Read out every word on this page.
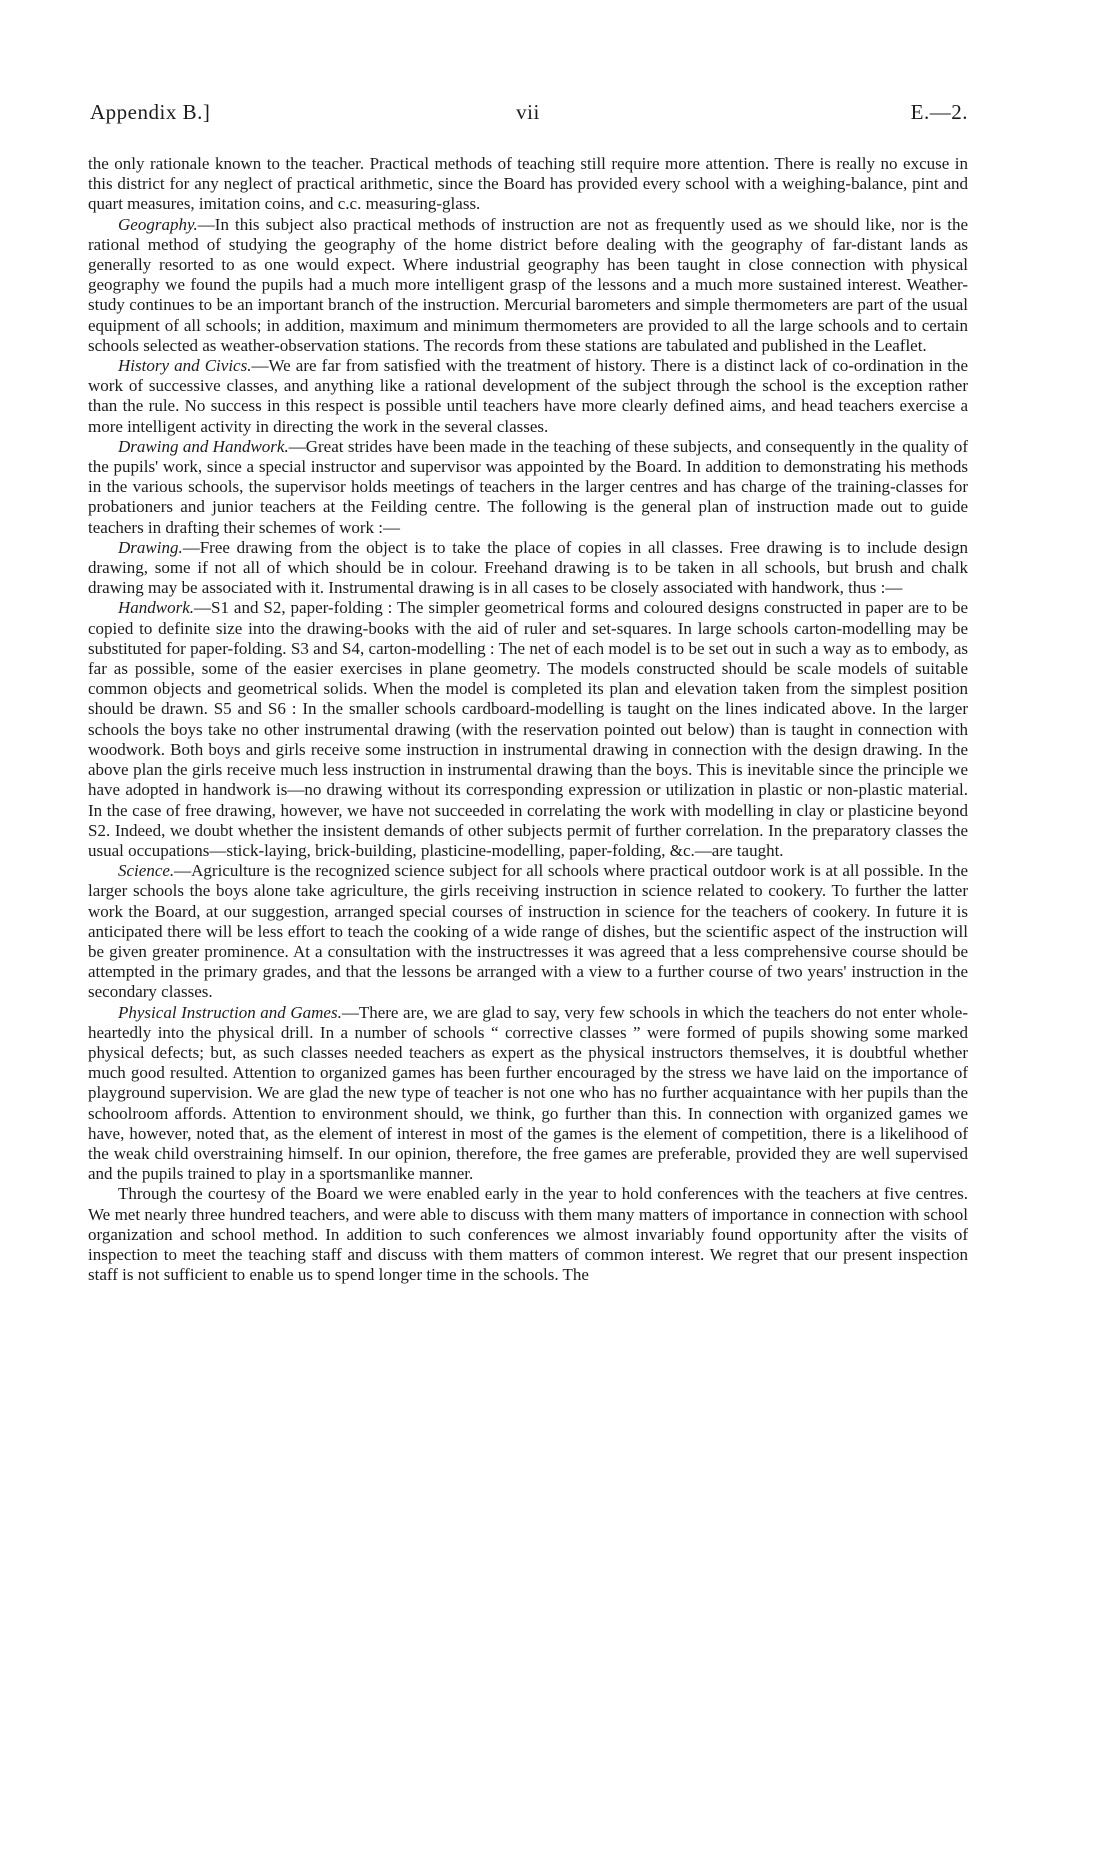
Appendix B.]	vii	E.—2.

the only rationale known to the teacher. Practical methods of teaching still require more attention. There is really no excuse in this district for any neglect of practical arithmetic, since the Board has provided every school with a weighing-balance, pint and quart measures, imitation coins, and c.c. measuring-glass.

Geography.—In this subject also practical methods of instruction are not as frequently used as we should like, nor is the rational method of studying the geography of the home district before dealing with the geography of far-distant lands as generally resorted to as one would expect. Where industrial geography has been taught in close connection with physical geography we found the pupils had a much more intelligent grasp of the lessons and a much more sustained interest. Weather-study continues to be an important branch of the instruction. Mercurial barometers and simple thermometers are part of the usual equipment of all schools; in addition, maximum and minimum thermometers are provided to all the large schools and to certain schools selected as weather-observation stations. The records from these stations are tabulated and published in the Leaflet.

History and Civics.—We are far from satisfied with the treatment of history. There is a distinct lack of co-ordination in the work of successive classes, and anything like a rational development of the subject through the school is the exception rather than the rule. No success in this respect is possible until teachers have more clearly defined aims, and head teachers exercise a more intelligent activity in directing the work in the several classes.

Drawing and Handwork.—Great strides have been made in the teaching of these subjects, and consequently in the quality of the pupils' work, since a special instructor and supervisor was appointed by the Board. In addition to demonstrating his methods in the various schools, the supervisor holds meetings of teachers in the larger centres and has charge of the training-classes for probationers and junior teachers at the Feilding centre. The following is the general plan of instruction made out to guide teachers in drafting their schemes of work :—

Drawing.—Free drawing from the object is to take the place of copies in all classes. Free drawing is to include design drawing, some if not all of which should be in colour. Freehand drawing is to be taken in all schools, but brush and chalk drawing may be associated with it. Instrumental drawing is in all cases to be closely associated with handwork, thus :—

Handwork.—S1 and S2, paper-folding : The simpler geometrical forms and coloured designs constructed in paper are to be copied to definite size into the drawing-books with the aid of ruler and set-squares. In large schools carton-modelling may be substituted for paper-folding. S3 and S4, carton-modelling : The net of each model is to be set out in such a way as to embody, as far as possible, some of the easier exercises in plane geometry. The models constructed should be scale models of suitable common objects and geometrical solids. When the model is completed its plan and elevation taken from the simplest position should be drawn. S5 and S6 : In the smaller schools cardboard-modelling is taught on the lines indicated above. In the larger schools the boys take no other instrumental drawing (with the reservation pointed out below) than is taught in connection with woodwork. Both boys and girls receive some instruction in instrumental drawing in connection with the design drawing. In the above plan the girls receive much less instruction in instrumental drawing than the boys. This is inevitable since the principle we have adopted in handwork is—no drawing without its corresponding expression or utilization in plastic or non-plastic material. In the case of free drawing, however, we have not succeeded in correlating the work with modelling in clay or plasticine beyond S2. Indeed, we doubt whether the insistent demands of other subjects permit of further correlation. In the preparatory classes the usual occupations—stick-laying, brick-building, plasticine-modelling, paper-folding, &c.—are taught.

Science.—Agriculture is the recognized science subject for all schools where practical outdoor work is at all possible. In the larger schools the boys alone take agriculture, the girls receiving instruction in science related to cookery. To further the latter work the Board, at our suggestion, arranged special courses of instruction in science for the teachers of cookery. In future it is anticipated there will be less effort to teach the cooking of a wide range of dishes, but the scientific aspect of the instruction will be given greater prominence. At a consultation with the instructresses it was agreed that a less comprehensive course should be attempted in the primary grades, and that the lessons be arranged with a view to a further course of two years' instruction in the secondary classes.

Physical Instruction and Games.—There are, we are glad to say, very few schools in which the teachers do not enter whole-heartedly into the physical drill. In a number of schools “ corrective classes ” were formed of pupils showing some marked physical defects; but, as such classes needed teachers as expert as the physical instructors themselves, it is doubtful whether much good resulted. Attention to organized games has been further encouraged by the stress we have laid on the importance of playground supervision. We are glad the new type of teacher is not one who has no further acquaintance with her pupils than the schoolroom affords. Attention to environment should, we think, go further than this. In connection with organized games we have, however, noted that, as the element of interest in most of the games is the element of competition, there is a likelihood of the weak child overstraining himself. In our opinion, therefore, the free games are preferable, provided they are well supervised and the pupils trained to play in a sportsmanlike manner.

Through the courtesy of the Board we were enabled early in the year to hold conferences with the teachers at five centres. We met nearly three hundred teachers, and were able to discuss with them many matters of importance in connection with school organization and school method. In addition to such conferences we almost invariably found opportunity after the visits of inspection to meet the teaching staff and discuss with them matters of common interest. We regret that our present inspection staff is not sufficient to enable us to spend longer time in the schools. The
